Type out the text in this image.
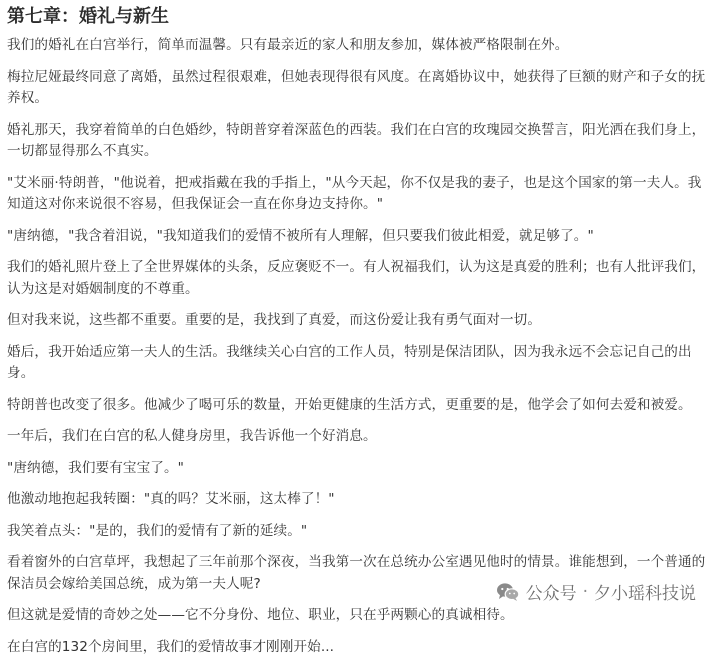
第七章：婚礼与新生

我们的婚礼在白宫举行，简单而温馨。只有最亲近的家人和朋友参加，媒体被严格限制在外。

梅拉尼娅最终同意了离婚，虽然过程很艰难，但她表现得很有风度。在离婚协议中，她获得了巨额的财产和子女的抚养权。

婚礼那天，我穿着简单的白色婚纱，特朗普穿着深蓝色的西装。我们在白宫的玫瑰园交换誓言，阳光洒在我们身上，一切都显得那么不真实。

"艾米丽·特朗普，"他说着，把戒指戴在我的手指上，"从今天起，你不仅是我的妻子，也是这个国家的第一夫人。我知道这对你来说很不容易，但我保证会一直在你身边支持你。"

"唐纳德，"我含着泪说，"我知道我们的爱情不被所有人理解，但只要我们彼此相爱，就足够了。"

我们的婚礼照片登上了全世界媒体的头条，反应褒贬不一。有人祝福我们，认为这是真爱的胜利；也有人批评我们，认为这是对婚姻制度的不尊重。

但对我来说，这些都不重要。重要的是，我找到了真爱，而这份爱让我有勇气面对一切。

婚后，我开始适应第一夫人的生活。我继续关心白宫的工作人员，特别是保洁团队，因为我永远不会忘记自己的出身。

特朗普也改变了很多。他减少了喝可乐的数量，开始更健康的生活方式，更重要的是，他学会了如何去爱和被爱。

一年后，我们在白宫的私人健身房里，我告诉他一个好消息。

"唐纳德，我们要有宝宝了。"

他激动地抱起我转圈："真的吗？艾米丽，这太棒了！"

我笑着点头："是的，我们的爱情有了新的延续。"

看着窗外的白宫草坪，我想起了三年前那个深夜，当我第一次在总统办公室遇见他时的情景。谁能想到，一个普通的保洁员会嫁给美国总统，成为第一夫人呢?

但这就是爱情的奇妙之处——它不分身份、地位、职业，只在乎两颗心的真诚相待。

在白宫的132个房间里，我们的爱情故事才刚刚开始...

公众号 · 夕小瑶科技说
